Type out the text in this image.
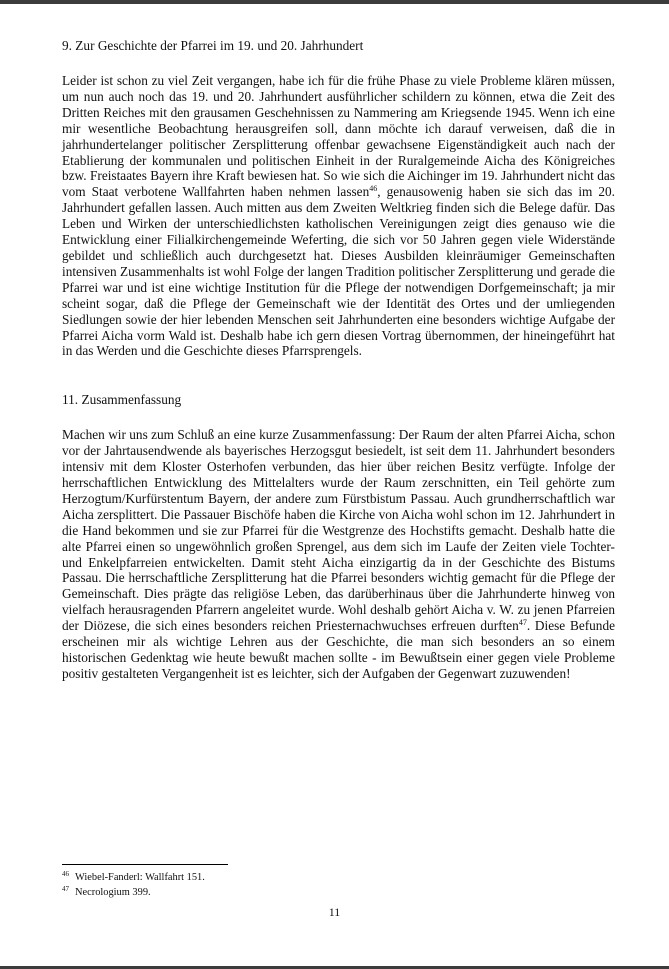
9. Zur Geschichte der Pfarrei im 19. und 20. Jahrhundert

Leider ist schon zu viel Zeit vergangen, habe ich für die frühe Phase zu viele Probleme klären müssen, um nun auch noch das 19. und 20. Jahrhundert ausführlicher schildern zu können, etwa die Zeit des Dritten Reiches mit den grausamen Geschehnissen zu Nammering am Kriegsende 1945. Wenn ich eine mir wesentliche Beobachtung herausgreifen soll, dann möchte ich darauf verweisen, daß die in jahrhundertelanger politischer Zersplitterung offenbar gewachsene Eigenständigkeit auch nach der Etablierung der kommunalen und politischen Einheit in der Ruralgemeinde Aicha des Königreiches bzw. Freistaates Bayern ihre Kraft bewiesen hat. So wie sich die Aichinger im 19. Jahrhundert nicht das vom Staat verbotene Wallfahrten haben nehmen lassen$^{46}$, genausowenig haben sie sich das im 20. Jahrhundert gefallen lassen. Auch mitten aus dem Zweiten Weltkrieg finden sich die Belege dafür. Das Leben und Wirken der unterschiedlichsten katholischen Vereinigungen zeigt dies genauso wie die Entwicklung einer Filialkirchengemeinde Weferting, die sich vor 50 Jahren gegen viele Widerstände gebildet und schließlich auch durchgesetzt hat. Dieses Ausbilden kleinräumiger Gemeinschaften intensiven Zusammenhalts ist wohl Folge der langen Tradition politischer Zersplitterung und gerade die Pfarrei war und ist eine wichtige Institution für die Pflege der notwendigen Dorfgemeinschaft; ja mir scheint sogar, daß die Pflege der Gemeinschaft wie der Identität des Ortes und der umliegenden Siedlungen sowie der hier lebenden Menschen seit Jahrhunderten eine besonders wichtige Aufgabe der Pfarrei Aicha vorm Wald ist. Deshalb habe ich gern diesen Vortrag übernommen, der hineingeführt hat in das Werden und die Geschichte dieses Pfarrsprengels.

11. Zusammenfassung

Machen wir uns zum Schluß an eine kurze Zusammenfassung: Der Raum der alten Pfarrei Aicha, schon vor der Jahrtausendwende als bayerisches Herzogsgut besiedelt, ist seit dem 11. Jahrhundert besonders intensiv mit dem Kloster Osterhofen verbunden, das hier über reichen Besitz verfügte. Infolge der herrschaftlichen Entwicklung des Mittelalters wurde der Raum zerschnitten, ein Teil gehörte zum Herzogtum/Kurfürstentum Bayern, der andere zum Fürstbistum Passau. Auch grundherrschaftlich war Aicha zersplittert. Die Passauer Bischöfe haben die Kirche von Aicha wohl schon im 12. Jahrhundert in die Hand bekommen und sie zur Pfarrei für die Westgrenze des Hochstifts gemacht. Deshalb hatte die alte Pfarrei einen so ungewöhnlich großen Sprengel, aus dem sich im Laufe der Zeiten viele Tochter- und Enkelpfarreien entwickelten. Damit steht Aicha einzigartig da in der Geschichte des Bistums Passau. Die herrschaftliche Zersplitterung hat die Pfarrei besonders wichtig gemacht für die Pflege der Gemeinschaft. Dies prägte das religiöse Leben, das darüberhinaus über die Jahrhunderte hinweg von vielfach herausragenden Pfarrern angeleitet wurde. Wohl deshalb gehört Aicha v. W. zu jenen Pfarreien der Diözese, die sich eines besonders reichen Priesternachwuchses erfreuen durften$^{47}$. Diese Befunde erscheinen mir als wichtige Lehren aus der Geschichte, die man sich besonders an so einem historischen Gedenktag wie heute bewußt machen sollte - im Bewußtsein einer gegen viele Probleme positiv gestalteten Vergangenheit ist es leichter, sich der Aufgaben der Gegenwart zuzuwenden!

$^{46}$ Wiebel-Fanderl: Wallfahrt 151.
$^{47}$ Necrologium 399.
11
